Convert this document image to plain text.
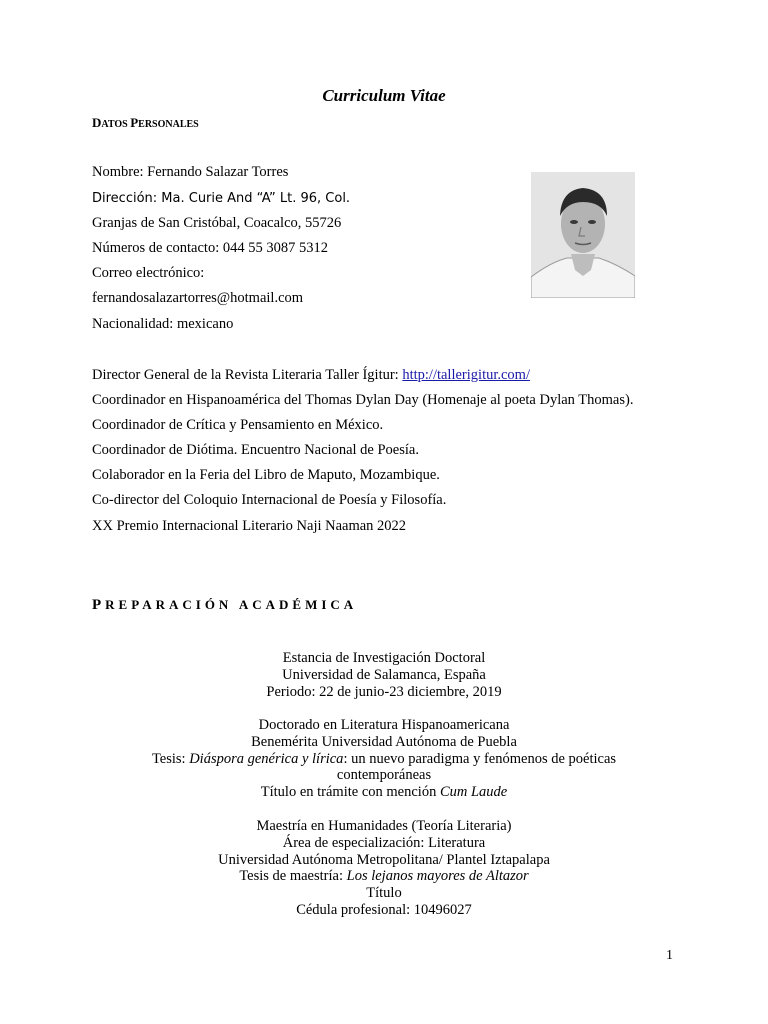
Curriculum Vitae
DATOS PERSONALES
Nombre: Fernando Salazar Torres
Dirección: Ma. Curie And “A” Lt. 96, Col.
Granjas de San Cristóbal, Coacalco, 55726
Números de contacto: 044 55 3087 5312
Correo electrónico:
fernandosalazartorres@hotmail.com
Nacionalidad: mexicano
Director General de la Revista Literaria Taller Ígitur: http://tallerigitur.com/
Coordinador en Hispanoamérica del Thomas Dylan Day (Homenaje al poeta Dylan Thomas).
Coordinador de Crítica y Pensamiento en México.
Coordinador de Diótima. Encuentro Nacional de Poesía.
Colaborador en la Feria del Libro de Maputo, Mozambique.
Co-director del Coloquio Internacional de Poesía y Filosofía.
XX Premio Internacional Literario Naji Naaman 2022
PREPARACIÓN ACADÉMICA
Estancia de Investigación Doctoral
Universidad de Salamanca, España
Periodo: 22 de junio-23 diciembre, 2019
Doctorado en Literatura Hispanoamericana
Benemérita Universidad Autónoma de Puebla
Tesis: Diáspora genérica y lírica: un nuevo paradigma y fenómenos de poéticas contemporáneas
Título en trámite con mención Cum Laude
Maestría en Humanidades (Teoría Literaria)
Área de especialización: Literatura
Universidad Autónoma Metropolitana/ Plantel Iztapalapa
Tesis de maestría: Los lejanos mayores de Altazor
Título
Cédula profesional: 10496027
1
